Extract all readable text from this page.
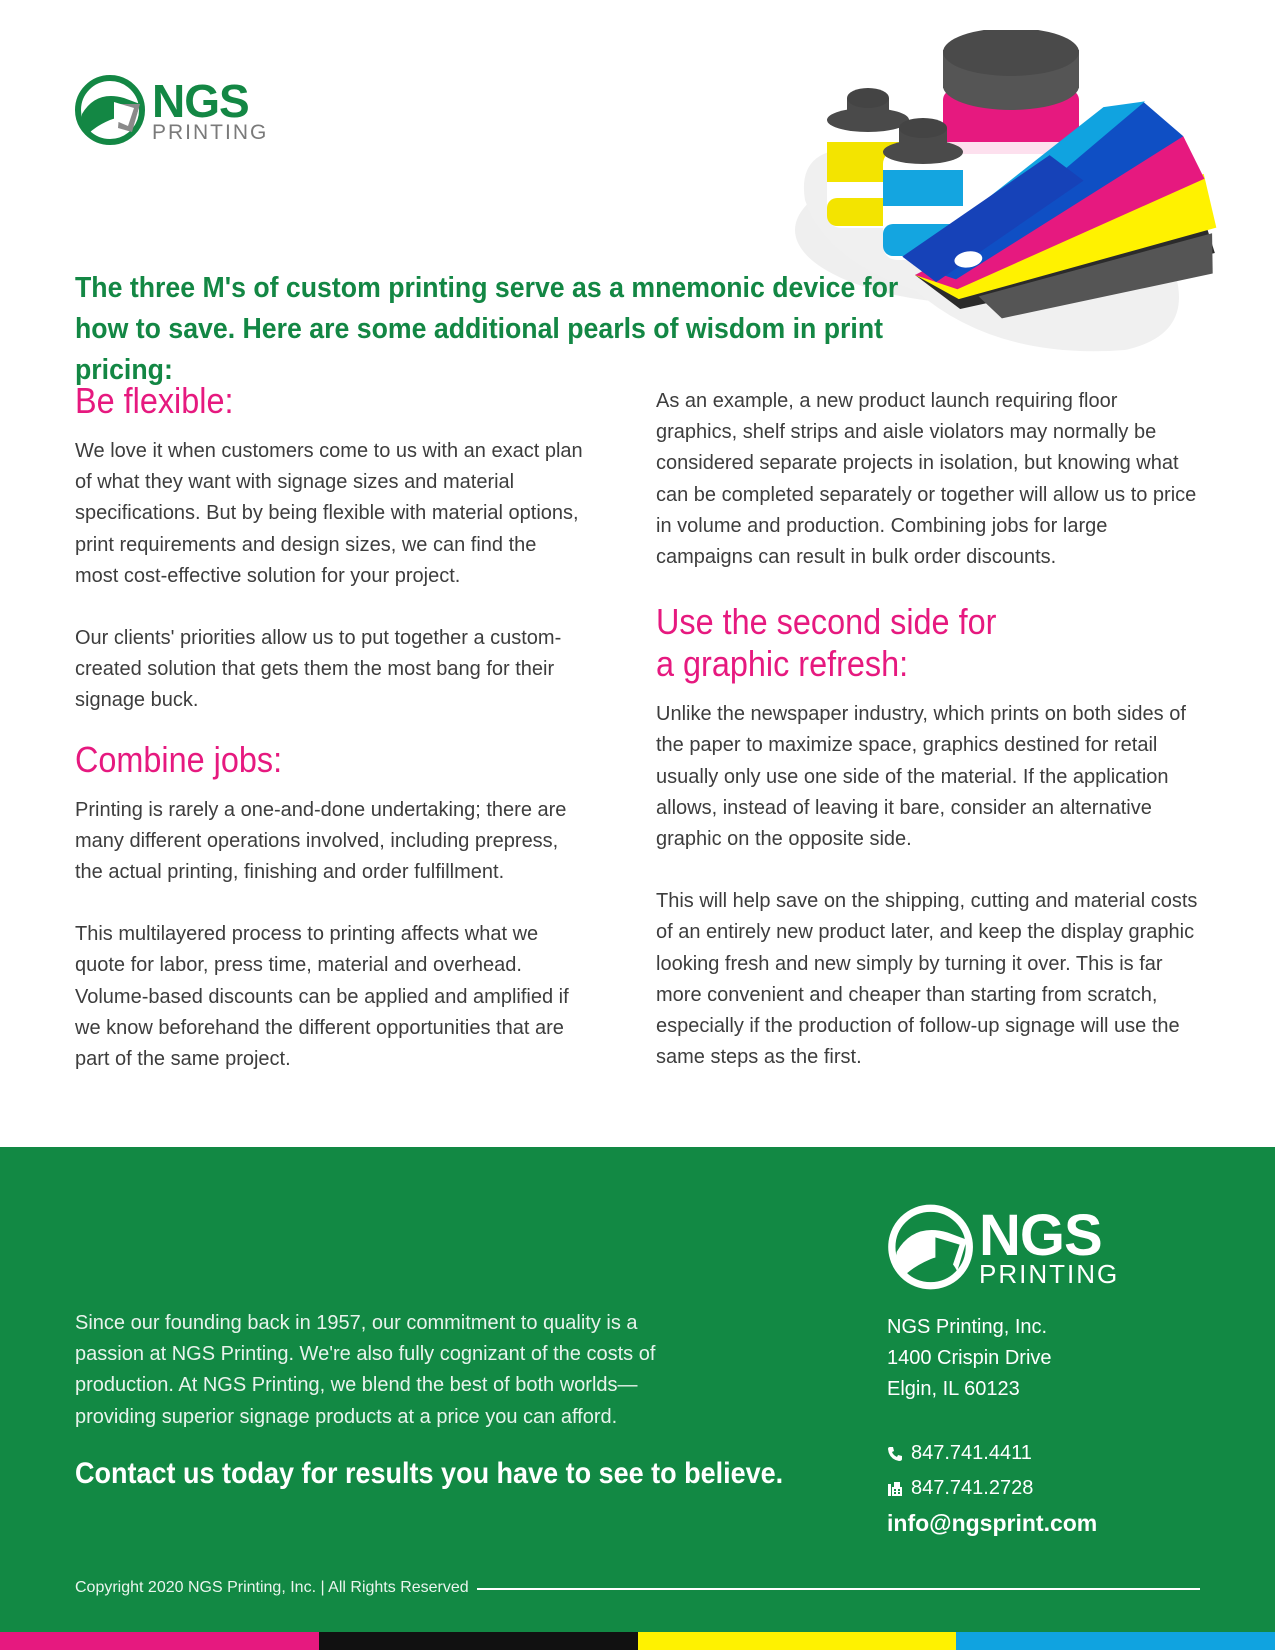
NGS
PRINTING
The three M's of custom printing serve as a mnemonic device for how to save. Here are some additional pearls of wisdom in print pricing:
Be flexible:

We love it when customers come to us with an exact plan of what they want with signage sizes and material specifications. But by being flexible with material options, print requirements and design sizes, we can find the most cost-effective solution for your project.

Our clients' priorities allow us to put together a custom-created solution that gets them the most bang for their signage buck.

Combine jobs:

Printing is rarely a one-and-done undertaking; there are many different operations involved, including prepress, the actual printing, finishing and order fulfillment.

This multilayered process to printing affects what we quote for labor, press time, material and overhead. Volume-based discounts can be applied and amplified if we know beforehand the different opportunities that are part of the same project.

As an example, a new product launch requiring floor graphics, shelf strips and aisle violators may normally be considered separate projects in isolation, but knowing what can be completed separately or together will allow us to price in volume and production. Combining jobs for large campaigns can result in bulk order discounts.

Use the second side for
a graphic refresh:

Unlike the newspaper industry, which prints on both sides of the paper to maximize space, graphics destined for retail usually only use one side of the material. If the application allows, instead of leaving it bare, consider an alternative graphic on the opposite side.

This will help save on the shipping, cutting and material costs of an entirely new product later, and keep the display graphic looking fresh and new simply by turning it over. This is far more convenient and cheaper than starting from scratch, especially if the production of follow-up signage will use the same steps as the first.

NGS
PRINTING

Since our founding back in 1957, our commitment to quality is a passion at NGS Printing. We're also fully cognizant of the costs of production. At NGS Printing, we blend the best of both worlds—providing superior signage products at a price you can afford.

Contact us today for results you have to see to believe.

NGS Printing, Inc.
1400 Crispin Drive
Elgin, IL 60123
847.741.4411
847.741.2728
info@ngsprint.com
Copyright 2020 NGS Printing, Inc. | All Rights Reserved
